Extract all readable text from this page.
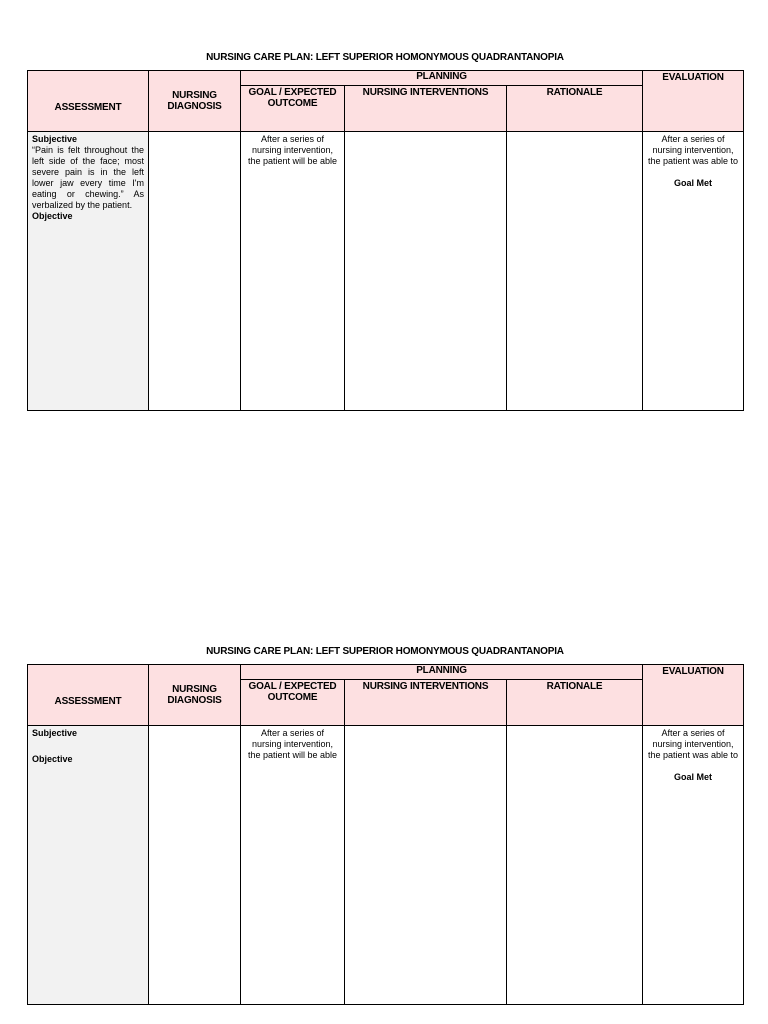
NURSING CARE PLAN: LEFT SUPERIOR HOMONYMOUS QUADRANTANOPIA
ASSESSMENT	NURSING DIAGNOSIS	PLANNING			EVALUATION
		GOAL / EXPECTED OUTCOME	NURSING INTERVENTIONS	RATIONALE	

Subjective
“Pain is felt throughout the left side of the face; most severe pain is in the left lower jaw every time I'm eating or chewing.” As verbalized by the patient.
Objective		After a series of nursing intervention, the patient will be able			After a series of nursing intervention, the patient was able to
Goal Met
NURSING CARE PLAN: LEFT SUPERIOR HOMONYMOUS QUADRANTANOPIA
ASSESSMENT	NURSING DIAGNOSIS	PLANNING			EVALUATION
		GOAL / EXPECTED OUTCOME	NURSING INTERVENTIONS	RATIONALE	

Subjective
Objective		After a series of nursing intervention, the patient will be able			After a series of nursing intervention, the patient was able to
Goal Met
